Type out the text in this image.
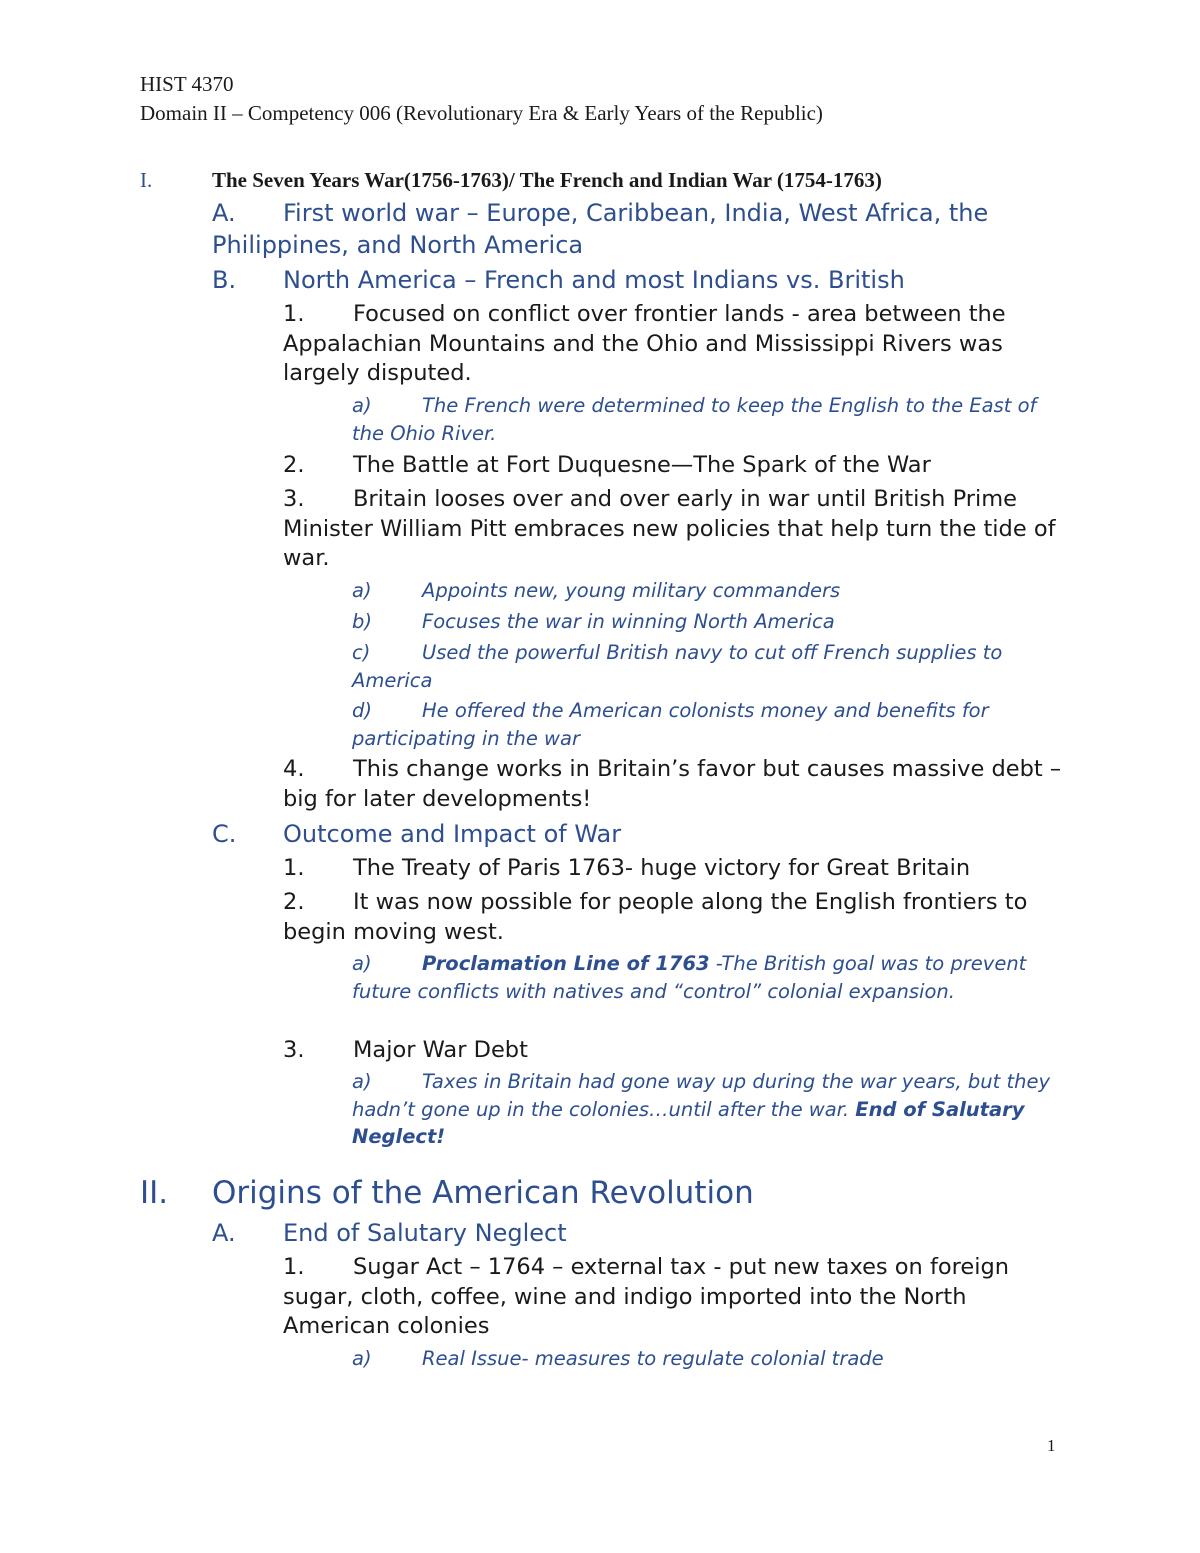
HIST 4370
Domain II – Competency 006 (Revolutionary Era & Early Years of the Republic)
I.	The Seven Years War(1756-1763)/ The French and Indian War (1754-1763)
A.	First world war – Europe, Caribbean, India, West Africa, the Philippines, and North America
B.	North America – French and most Indians vs. British
1.	Focused on conflict over frontier lands - area between the Appalachian Mountains and the Ohio and Mississippi Rivers was largely disputed.
a)	The French were determined to keep the English to the East of the Ohio River.
2.	The Battle at Fort Duquesne—The Spark of the War
3.	Britain looses over and over early in war until British Prime Minister William Pitt embraces new policies that help turn the tide of war.
a)	Appoints new, young military commanders
b)	Focuses the war in winning North America
c)	Used the powerful British navy to cut off French supplies to America
d)	He offered the American colonists money and benefits for participating in the war
4.	This change works in Britain’s favor but causes massive debt – big for later developments!
C.	Outcome and Impact of War
1.	The Treaty of Paris 1763- huge victory for Great Britain
2.	It was now possible for people along the English frontiers to begin moving west.
a)	Proclamation Line of 1763 -The British goal was to prevent future conflicts with natives and “control” colonial expansion.
3.	Major War Debt
a)	Taxes in Britain had gone way up during the war years, but they hadn’t gone up in the colonies…until after the war. End of Salutary Neglect!
II. Origins of the American Revolution
A.	End of Salutary Neglect
1.	Sugar Act – 1764 – external tax - put new taxes on foreign sugar, cloth, coffee, wine and indigo imported into the North American colonies
a)	Real Issue- measures to regulate colonial trade
1
